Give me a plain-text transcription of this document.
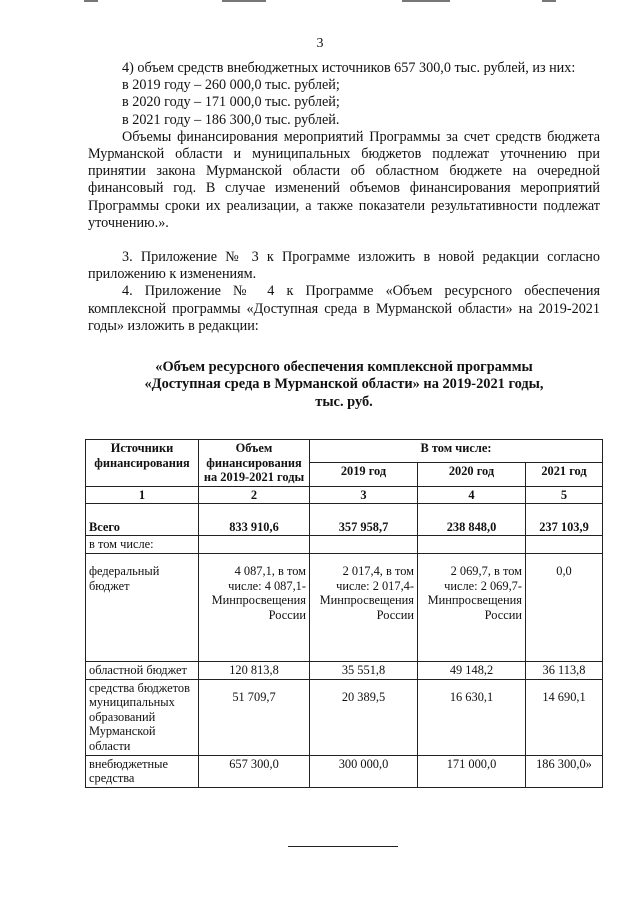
3

4) объем средств внебюджетных источников 657 300,0 тыс. рублей, из них:

в 2019 году – 260 000,0 тыс. рублей;

в 2020 году – 171 000,0 тыс. рублей;

в 2021 году – 186 300,0 тыс. рублей.

Объемы финансирования мероприятий Программы за счет средств бюджета Мурманской области и муниципальных бюджетов подлежат уточнению при принятии закона Мурманской области об областном бюджете на очередной финансовый год. В случае изменений объемов финансирования мероприятий Программы сроки их реализации, а также показатели результативности подлежат уточнению.».

3. Приложение № 3 к Программе изложить в новой редакции согласно приложению к изменениям.

4. Приложение № 4 к Программе «Объем ресурсного обеспечения комплексной программы «Доступная среда в Мурманской области» на 2019-2021 годы» изложить в редакции:

«Объем ресурсного обеспечения комплексной программы
«Доступная среда в Мурманской области» на 2019-2021 годы,
тыс. руб.
Источники финансирования	Объем финансирования на 2019-2021 годы	В том числе:		
		2019 год	2020 год	2021 год
1	2	3	4	5
Всего	833 910,6	357 958,7	238 848,0	237 103,9
в том числе:				
федеральный бюджет	4 087,1, в том числе: 4 087,1- Минпросвещения России	2 017,4, в том числе: 2 017,4- Минпросвещения России	2 069,7, в том числе: 2 069,7- Минпросвещения России	0,0
областной бюджет	120 813,8	35 551,8	49 148,2	36 113,8
средства бюджетов муниципальных образований Мурманской области	51 709,7	20 389,5	16 630,1	14 690,1
внебюджетные средства	657 300,0	300 000,0	171 000,0	186 300,0»
